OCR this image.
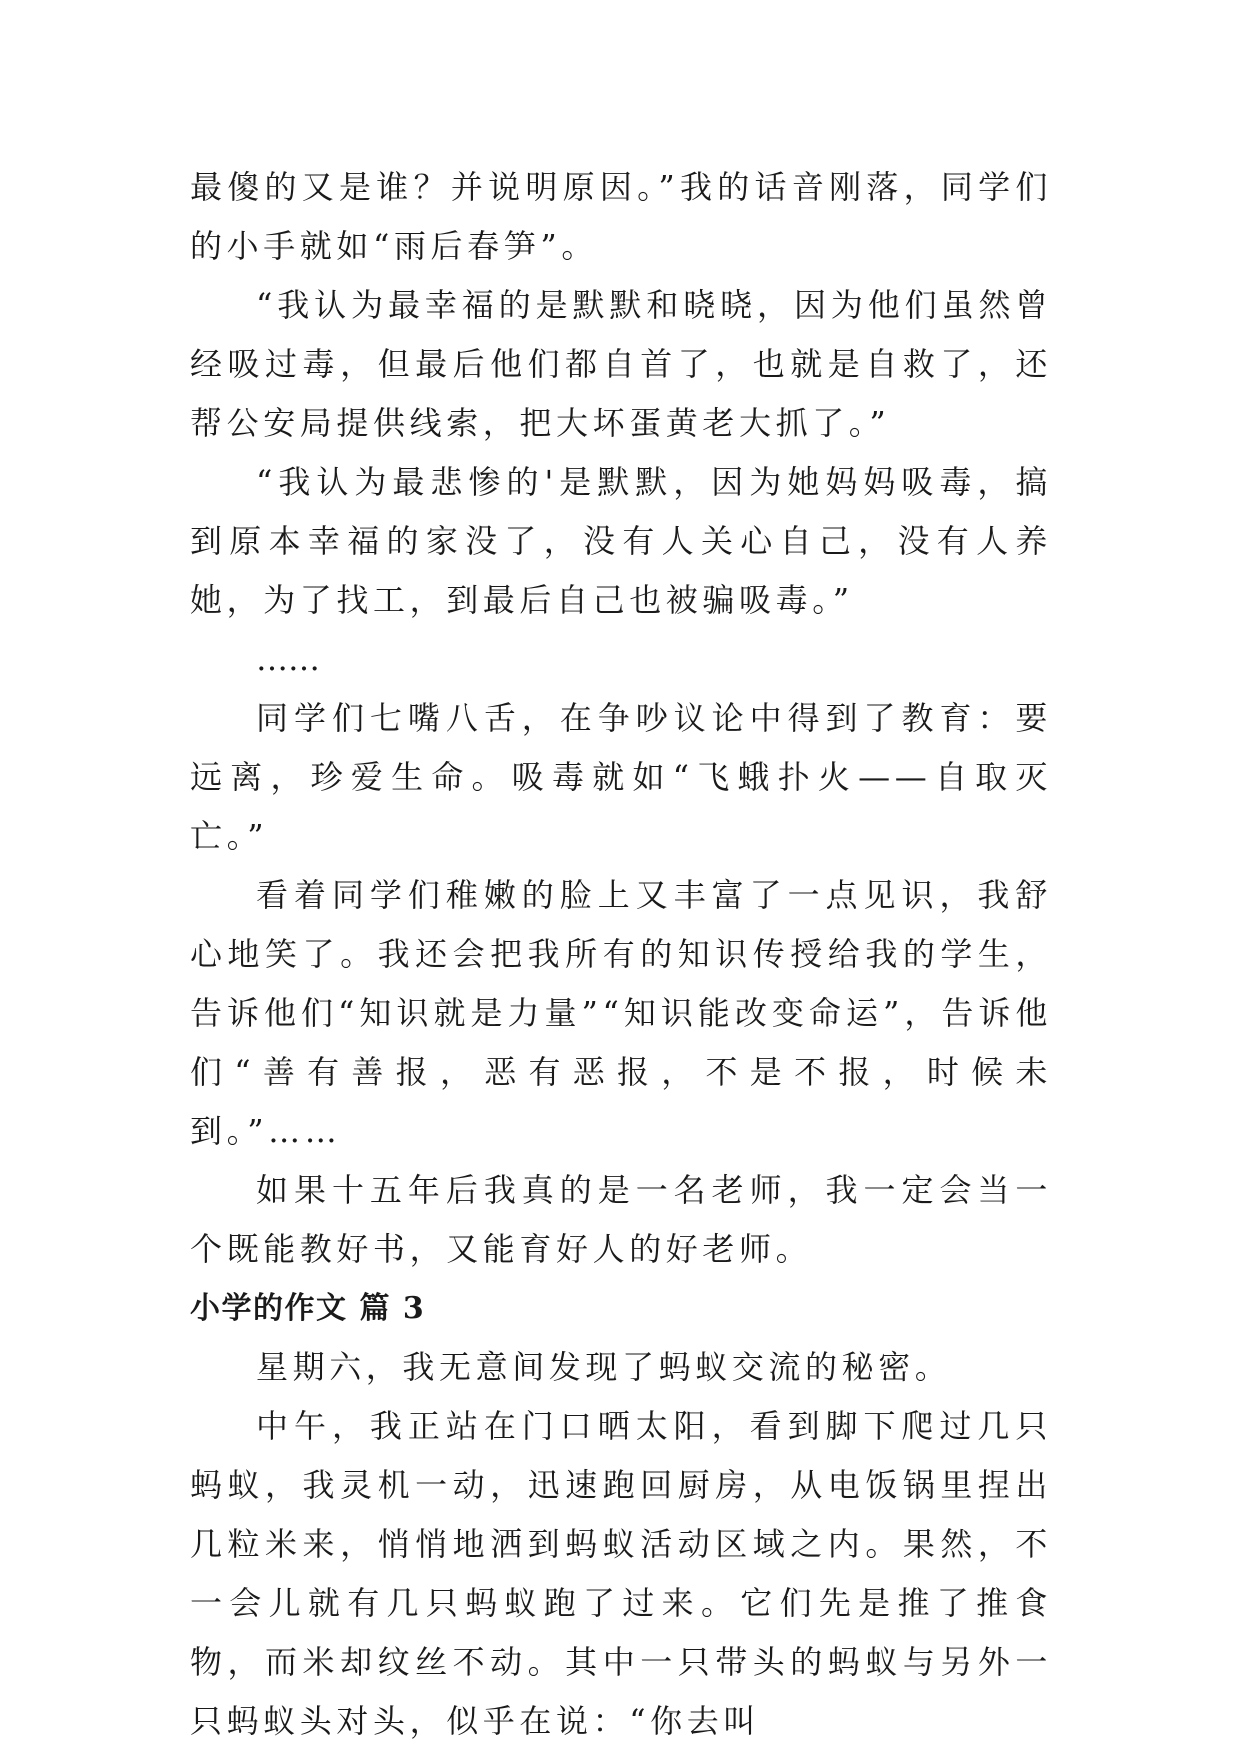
最傻的又是谁？并说明原因。”我的话音刚落，同学们的小手就如“雨后春笋”。

“我认为最幸福的是默默和晓晓，因为他们虽然曾经吸过毒，但最后他们都自首了，也就是自救了，还帮公安局提供线索，把大坏蛋黄老大抓了。”

“我认为最悲惨的'是默默，因为她妈妈吸毒，搞到原本幸福的家没了，没有人关心自己，没有人养她，为了找工，到最后自己也被骗吸毒。”

……

同学们七嘴八舌，在争吵议论中得到了教育：要远离，珍爱生命。吸毒就如“飞蛾扑火——自取灭亡。”

看着同学们稚嫩的脸上又丰富了一点见识，我舒心地笑了。我还会把我所有的知识传授给我的学生，告诉他们“知识就是力量”“知识能改变命运”，告诉他们“善有善报，恶有恶报，不是不报，时候未到。”……

如果十五年后我真的是一名老师，我一定会当一个既能教好书，又能育好人的好老师。

小学的作文 篇 3

星期六，我无意间发现了蚂蚁交流的秘密。

中午，我正站在门口晒太阳，看到脚下爬过几只蚂蚁，我灵机一动，迅速跑回厨房，从电饭锅里捏出几粒米来，悄悄地洒到蚂蚁活动区域之内。果然，不一会儿就有几只蚂蚁跑了过来。它们先是推了推食物，而米却纹丝不动。其中一只带头的蚂蚁与另外一只蚂蚁头对头，似乎在说：“你去叫
